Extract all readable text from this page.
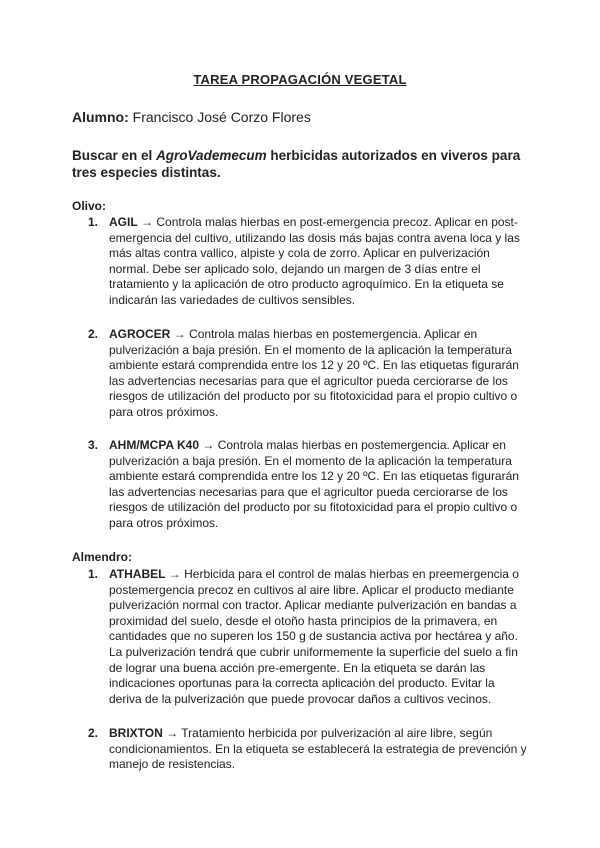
TAREA PROPAGACIÓN VEGETAL
Alumno: Francisco José Corzo Flores
Buscar en el AgroVademecum herbicidas autorizados en viveros para tres especies distintas.
Olivo:
1. AGIL → Controla malas hierbas en post-emergencia precoz. Aplicar en post-emergencia del cultivo, utilizando las dosis más bajas contra avena loca y las más altas contra vallico, alpiste y cola de zorro. Aplicar en pulverización normal. Debe ser aplicado solo, dejando un margen de 3 días entre el tratamiento y la aplicación de otro producto agroquímico. En la etiqueta se indicarán las variedades de cultivos sensibles.
2. AGROCER → Controla malas hierbas en postemergencia. Aplicar en pulverización a baja presión. En el momento de la aplicación la temperatura ambiente estará comprendida entre los 12 y 20 ºC. En las etiquetas figurarán las advertencias necesarias para que el agricultor pueda cerciorarse de los riesgos de utilización del producto por su fitotoxicidad para el propio cultivo o para otros próximos.
3. AHM/MCPA K40 → Controla malas hierbas en postemergencia. Aplicar en pulverización a baja presión. En el momento de la aplicación la temperatura ambiente estará comprendida entre los 12 y 20 ºC. En las etiquetas figurarán las advertencias necesarias para que el agricultor pueda cerciorarse de los riesgos de utilización del producto por su fitotoxicidad para el propio cultivo o para otros próximos.
Almendro:
1. ATHABEL → Herbicida para el control de malas hierbas en preemergencia o postemergencia precoz en cultivos al aire libre. Aplicar el producto mediante pulverización normal con tractor. Aplicar mediante pulverización en bandas a proximidad del suelo, desde el otoño hasta principios de la primavera, en cantidades que no superen los 150 g de sustancia activa por hectárea y año. La pulverización tendrá que cubrir uniformemente la superficie del suelo a fin de lograr una buena acción pre-emergente. En la etiqueta se darán las indicaciones oportunas para la correcta aplicación del producto. Evitar la deriva de la pulverización que puede provocar daños a cultivos vecinos.
2. BRIXTON → Tratamiento herbicida por pulverización al aire libre, según condicionamientos. En la etiqueta se establecerá la estrategia de prevención y manejo de resistencias.
